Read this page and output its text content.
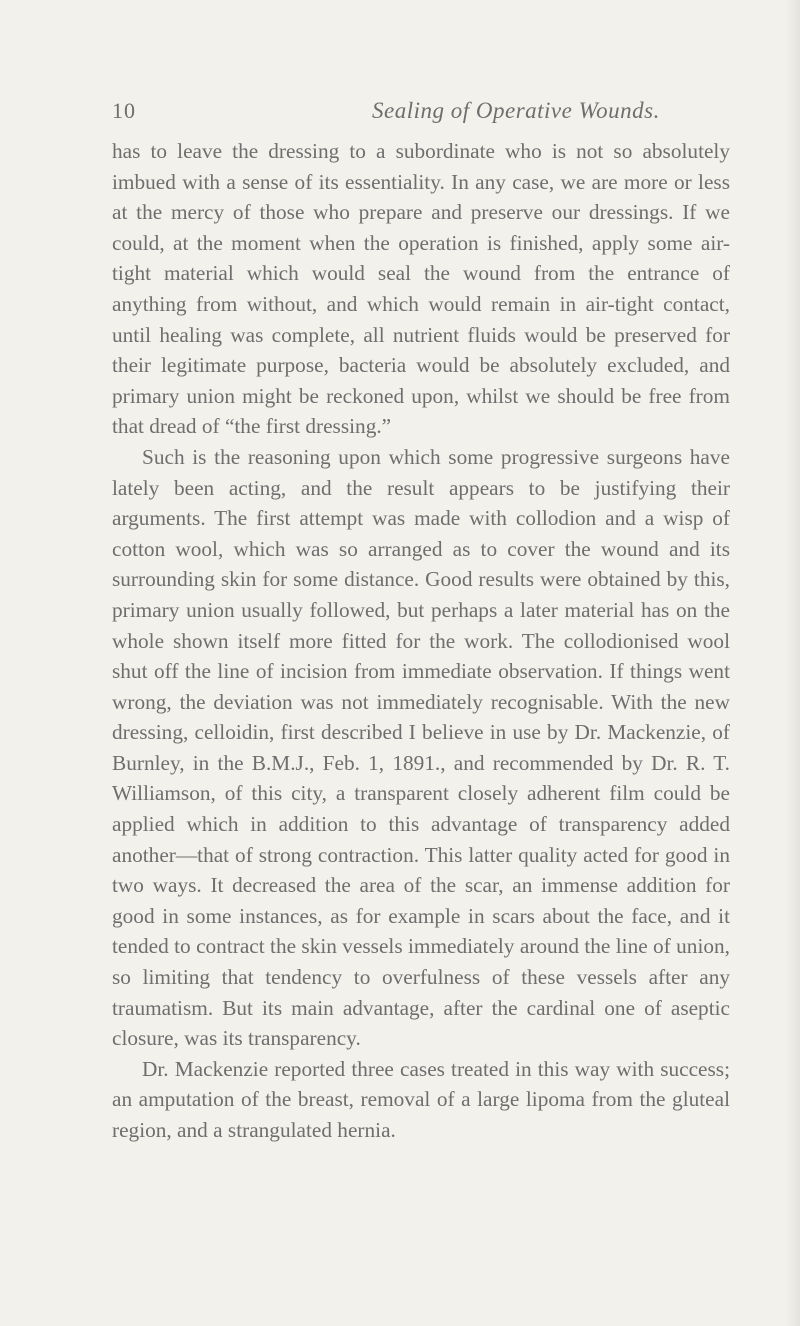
10	Sealing of Operative Wounds.

has to leave the dressing to a subordinate who is not so absolutely imbued with a sense of its essentiality. In any case, we are more or less at the mercy of those who prepare and preserve our dressings. If we could, at the moment when the operation is finished, apply some air-tight material which would seal the wound from the entrance of anything from without, and which would remain in air-tight contact, until healing was complete, all nutrient fluids would be preserved for their legitimate purpose, bacteria would be absolutely excluded, and primary union might be reckoned upon, whilst we should be free from that dread of “the first dressing.”

Such is the reasoning upon which some progressive surgeons have lately been acting, and the result appears to be justifying their arguments. The first attempt was made with collodion and a wisp of cotton wool, which was so arranged as to cover the wound and its surrounding skin for some distance. Good results were obtained by this, primary union usually followed, but perhaps a later material has on the whole shown itself more fitted for the work. The collodionised wool shut off the line of incision from immediate observation. If things went wrong, the deviation was not immediately recognisable. With the new dressing, celloidin, first described I believe in use by Dr. Mackenzie, of Burnley, in the B.M.J., Feb. 1, 1891., and recommended by Dr. R. T. Williamson, of this city, a transparent closely adherent film could be applied which in addition to this advantage of transparency added another—that of strong contraction. This latter quality acted for good in two ways. It decreased the area of the scar, an immense addition for good in some instances, as for example in scars about the face, and it tended to contract the skin vessels immediately around the line of union, so limiting that tendency to overfulness of these vessels after any traumatism. But its main advantage, after the cardinal one of aseptic closure, was its transparency.

Dr. Mackenzie reported three cases treated in this way with success; an amputation of the breast, removal of a large lipoma from the gluteal region, and a strangulated hernia.
